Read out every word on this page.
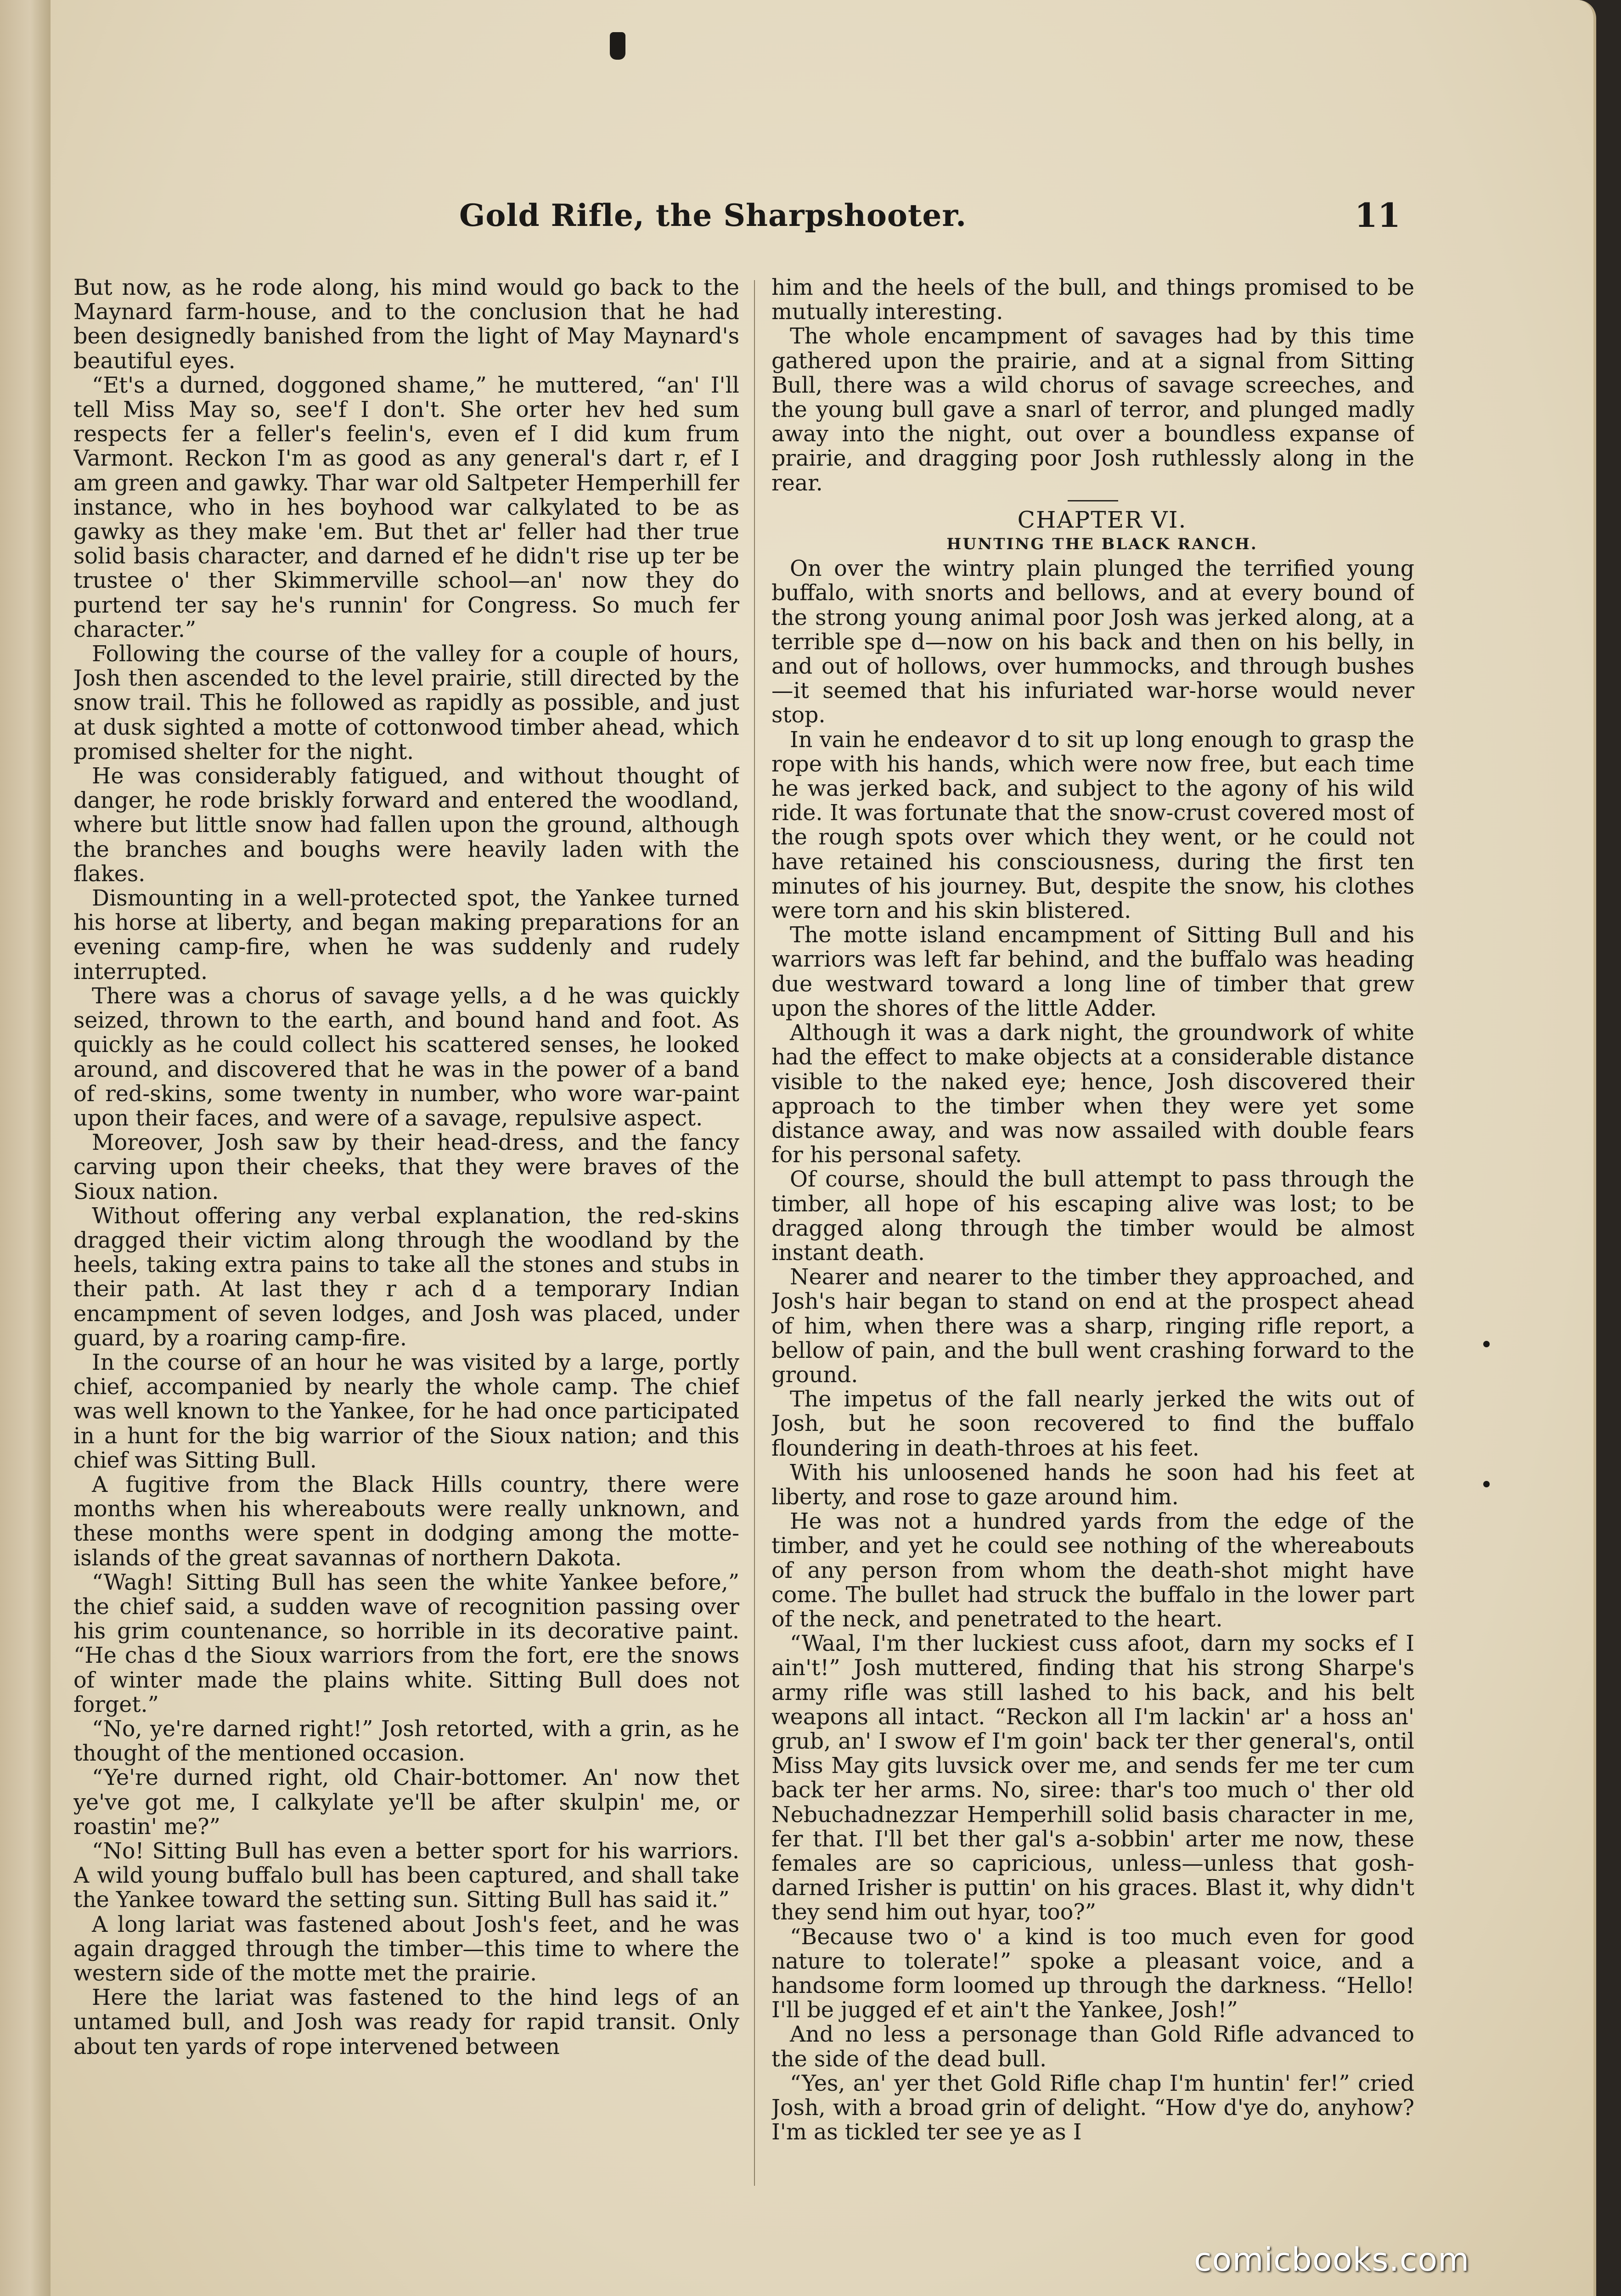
Gold Rifle, the Sharpshooter.	11

But now, as he rode along, his mind would go back to the Maynard farm-house, and to the conclusion that he had been designedly banished from the light of May Maynard's beautiful eyes.

“Et's a durned, doggoned shame,” he muttered, “an' I'll tell Miss May so, see'f I don't. She orter hev hed sum respects fer a feller's feelin's, even ef I did kum frum Varmont. Reckon I'm as good as any general's dart r, ef I am green and gawky. Thar war old Saltpeter Hemperhill fer instance, who in hes boyhood war calkylated to be as gawky as they make 'em. But thet ar' feller had ther true solid basis character, and darned ef he didn't rise up ter be trustee o' ther Skimmerville school—an' now they do purtend ter say he's runnin' for Congress. So much fer character.”

Following the course of the valley for a couple of hours, Josh then ascended to the level prairie, still directed by the snow trail. This he followed as rapidly as possible, and just at dusk sighted a motte of cottonwood timber ahead, which promised shelter for the night.

He was considerably fatigued, and without thought of danger, he rode briskly forward and entered the woodland, where but little snow had fallen upon the ground, although the branches and boughs were heavily laden with the flakes.

Dismounting in a well-protected spot, the Yankee turned his horse at liberty, and began making preparations for an evening camp-fire, when he was suddenly and rudely interrupted.

There was a chorus of savage yells, a d he was quickly seized, thrown to the earth, and bound hand and foot. As quickly as he could collect his scattered senses, he looked around, and discovered that he was in the power of a band of red-skins, some twenty in number, who wore war-paint upon their faces, and were of a savage, repulsive aspect.

Moreover, Josh saw by their head-dress, and the fancy carving upon their cheeks, that they were braves of the Sioux nation.

Without offering any verbal explanation, the red-skins dragged their victim along through the woodland by the heels, taking extra pains to take all the stones and stubs in their path. At last they r ach d a temporary Indian encampment of seven lodges, and Josh was placed, under guard, by a roaring camp-fire.

In the course of an hour he was visited by a large, portly chief, accompanied by nearly the whole camp. The chief was well known to the Yankee, for he had once participated in a hunt for the big warrior of the Sioux nation; and this chief was Sitting Bull.

A fugitive from the Black Hills country, there were months when his whereabouts were really unknown, and these months were spent in dodging among the motte-islands of the great savannas of northern Dakota.

“Wagh! Sitting Bull has seen the white Yankee before,” the chief said, a sudden wave of recognition passing over his grim countenance, so horrible in its decorative paint. “He chas d the Sioux warriors from the fort, ere the snows of winter made the plains white. Sitting Bull does not forget.”

“No, ye're darned right!” Josh retorted, with a grin, as he thought of the mentioned occasion.

“Ye're durned right, old Chair-bottomer. An' now thet ye've got me, I calkylate ye'll be after skulpin' me, or roastin' me?”

“No! Sitting Bull has even a better sport for his warriors. A wild young buffalo bull has been captured, and shall take the Yankee toward the setting sun. Sitting Bull has said it.”

A long lariat was fastened about Josh's feet, and he was again dragged through the timber—this time to where the western side of the motte met the prairie.

Here the lariat was fastened to the hind legs of an untamed bull, and Josh was ready for rapid transit. Only about ten yards of rope intervened between

him and the heels of the bull, and things promised to be mutually interesting.

The whole encampment of savages had by this time gathered upon the prairie, and at a signal from Sitting Bull, there was a wild chorus of savage screeches, and the young bull gave a snarl of terror, and plunged madly away into the night, out over a boundless expanse of prairie, and dragging poor Josh ruthlessly along in the rear.

CHAPTER VI.

HUNTING THE BLACK RANCH.

On over the wintry plain plunged the terrified young buffalo, with snorts and bellows, and at every bound of the strong young animal poor Josh was jerked along, at a terrible spe d—now on his back and then on his belly, in and out of hollows, over hummocks, and through bushes—it seemed that his infuriated war-horse would never stop.

In vain he endeavor d to sit up long enough to grasp the rope with his hands, which were now free, but each time he was jerked back, and subject to the agony of his wild ride. It was fortunate that the snow-crust covered most of the rough spots over which they went, or he could not have retained his consciousness, during the first ten minutes of his journey. But, despite the snow, his clothes were torn and his skin blistered.

The motte island encampment of Sitting Bull and his warriors was left far behind, and the buffalo was heading due westward toward a long line of timber that grew upon the shores of the little Adder.

Although it was a dark night, the groundwork of white had the effect to make objects at a considerable distance visible to the naked eye; hence, Josh discovered their approach to the timber when they were yet some distance away, and was now assailed with double fears for his personal safety.

Of course, should the bull attempt to pass through the timber, all hope of his escaping alive was lost; to be dragged along through the timber would be almost instant death.

Nearer and nearer to the timber they approached, and Josh's hair began to stand on end at the prospect ahead of him, when there was a sharp, ringing rifle report, a bellow of pain, and the bull went crashing forward to the ground.

The impetus of the fall nearly jerked the wits out of Josh, but he soon recovered to find the buffalo floundering in death-throes at his feet.

With his unloosened hands he soon had his feet at liberty, and rose to gaze around him.

He was not a hundred yards from the edge of the timber, and yet he could see nothing of the whereabouts of any person from whom the death-shot might have come. The bullet had struck the buffalo in the lower part of the neck, and penetrated to the heart.

“Waal, I'm ther luckiest cuss afoot, darn my socks ef I ain't!” Josh muttered, finding that his strong Sharpe's army rifle was still lashed to his back, and his belt weapons all intact. “Reckon all I'm lackin' ar' a hoss an' grub, an' I swow ef I'm goin' back ter ther general's, ontil Miss May gits luvsick over me, and sends fer me ter cum back ter her arms. No, siree: thar's too much o' ther old Nebuchadnezzar Hemperhill solid basis character in me, fer that. I'll bet ther gal's a-sobbin' arter me now, these females are so capricious, unless—unless that gosh-darned Irisher is puttin' on his graces. Blast it, why didn't they send him out hyar, too?”

“Because two o' a kind is too much even for good nature to tolerate!” spoke a pleasant voice, and a handsome form loomed up through the darkness. “Hello! I'll be jugged ef et ain't the Yankee, Josh!”

And no less a personage than Gold Rifle advanced to the side of the dead bull.

“Yes, an' yer thet Gold Rifle chap I'm huntin' fer!” cried Josh, with a broad grin of delight. “How d'ye do, anyhow? I'm as tickled ter see ye as I

comicbooks.com
